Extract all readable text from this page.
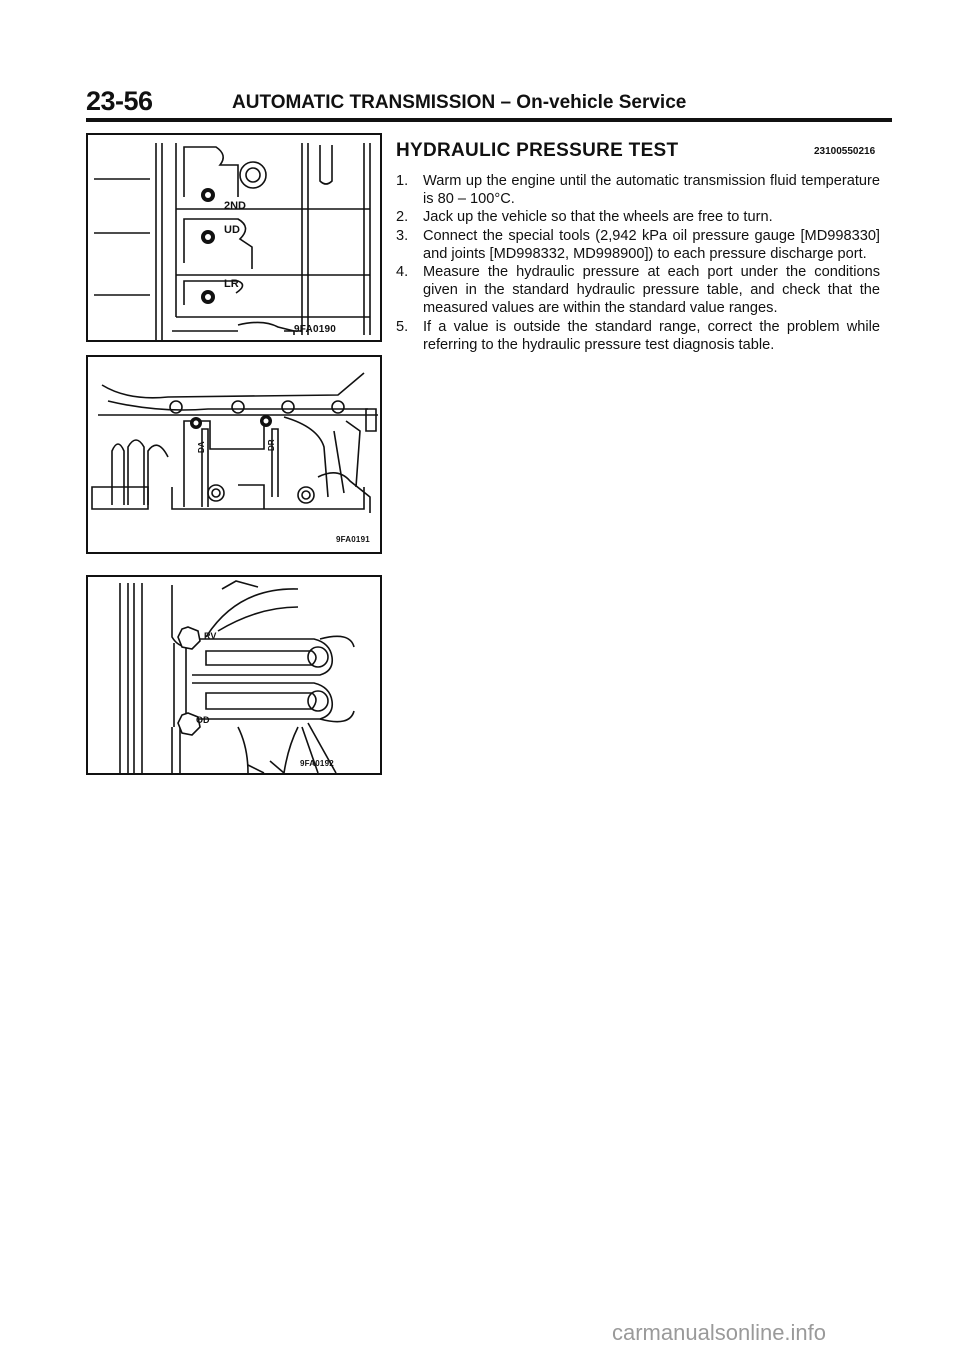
23-56	AUTOMATIC TRANSMISSION – On-vehicle Service
2ND
UD
LR
9FA0190
DA	DR
9FA0191
RV
OD
9FA0192
HYDRAULIC PRESSURE TEST	23100550216
1. Warm up the engine until the automatic transmission fluid temperature is 80 – 100°C.
2. Jack up the vehicle so that the wheels are free to turn.
3. Connect the special tools (2,942 kPa oil pressure gauge [MD998330] and joints [MD998332, MD998900]) to each pressure discharge port.
4. Measure the hydraulic pressure at each port under the conditions given in the standard hydraulic pressure table, and check that the measured values are within the standard value ranges.
5. If a value is outside the standard range, correct the problem while referring to the hydraulic pressure test diagnosis table.
carmanualsonline.info
